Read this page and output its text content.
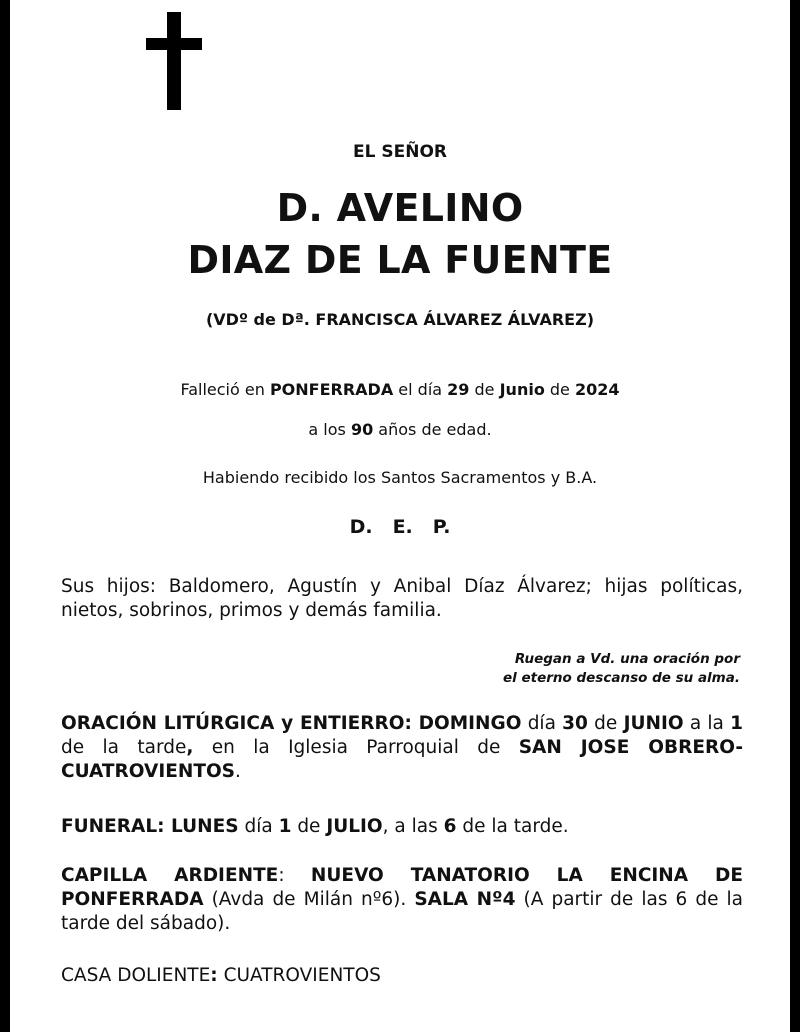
EL SEÑOR
D. AVELINO
DIAZ DE LA FUENTE
(VDº de Dª. FRANCISCA ÁLVAREZ ÁLVAREZ)
Falleció en PONFERRADA el día 29 de Junio de 2024
a los 90 años de edad.
Habiendo recibido los Santos Sacramentos y B.A.
D. E. P.
Sus hijos: Baldomero, Agustín y Anibal Díaz Álvarez; hijas políticas, nietos, sobrinos, primos y demás familia.
Ruegan a Vd. una oración por
el eterno descanso de su alma.
ORACIÓN LITÚRGICA y ENTIERRO: DOMINGO día 30 de JUNIO a la 1 de la tarde, en la Iglesia Parroquial de SAN JOSE OBRERO-CUATROVIENTOS.
FUNERAL: LUNES día 1 de JULIO, a las 6 de la tarde.
CAPILLA ARDIENTE: NUEVO TANATORIO LA ENCINA DE PONFERRADA (Avda de Milán nº6). SALA Nº4 (A partir de las 6 de la tarde del sábado).
CASA DOLIENTE: CUATROVIENTOS
